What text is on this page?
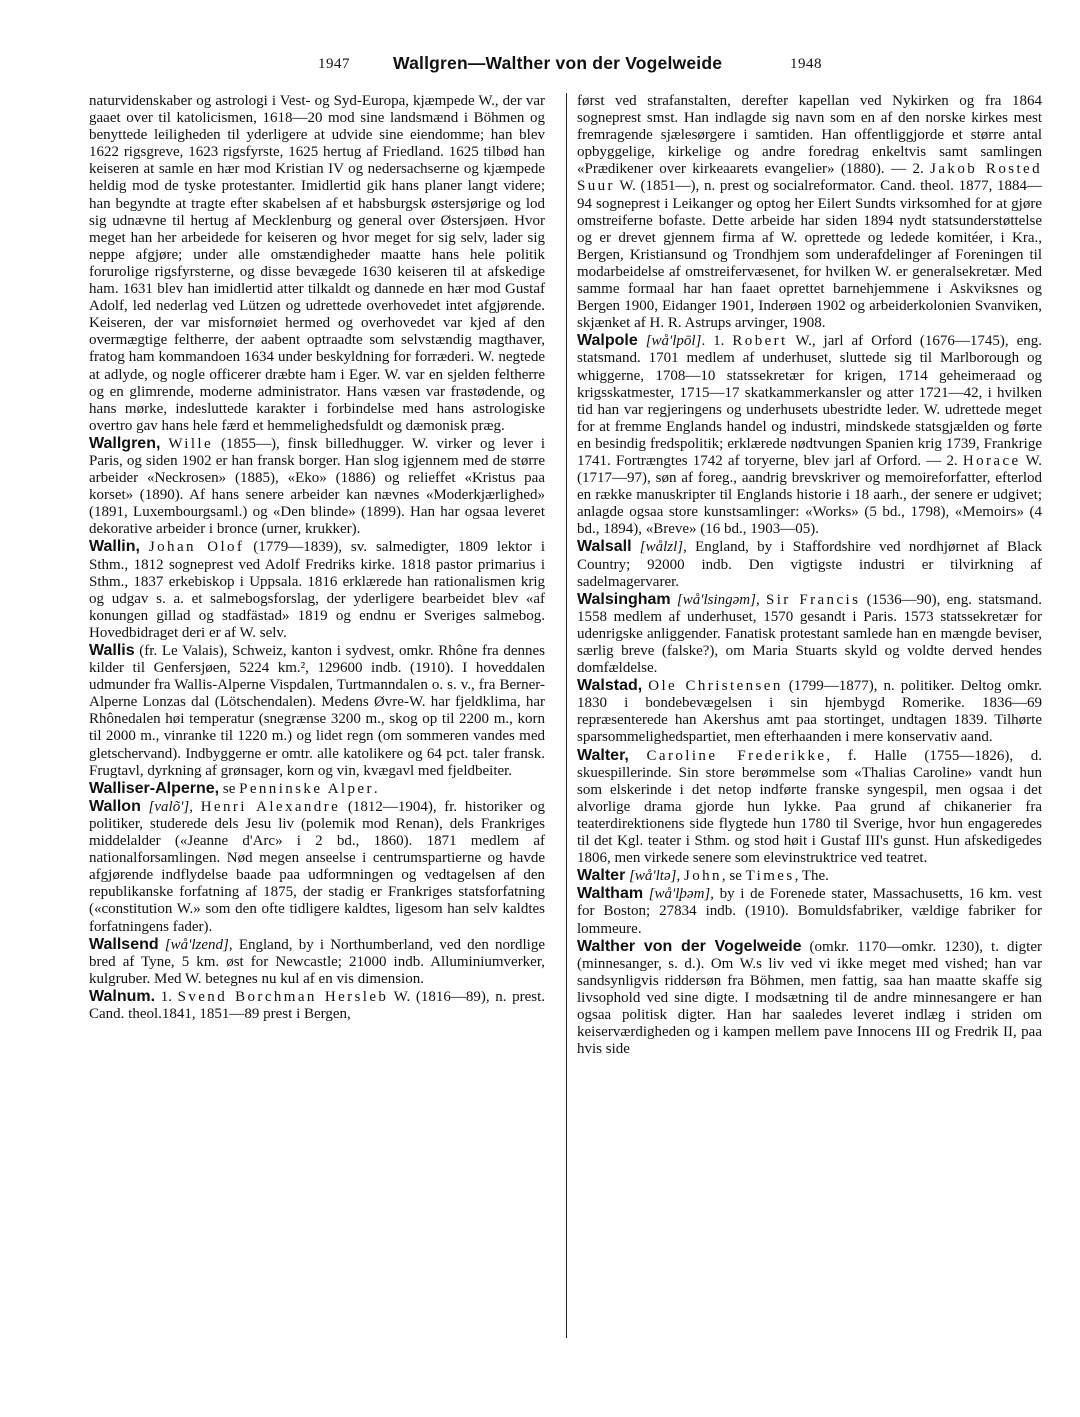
1947 Wallgren—Walther von der Vogelweide	1948

naturvidenskaber og astrologi i Vest- og Syd-Europa, kjæmpede W., der var gaaet over til katolicismen, 1618—20 mod sine landsmænd i Böhmen og benyttede leiligheden til yderligere at udvide sine eiendomme; han blev 1622 rigsgreve, 1623 rigsfyrste, 1625 hertug af Friedland. 1625 tilbød han keiseren at samle en hær mod Kristian IV og nedersachserne og kjæmpede heldig mod de tyske protestanter. Imidlertid gik hans planer langt videre; han begyndte at tragte efter skabelsen af et habsburgsk østersjørige og lod sig udnævne til hertug af Mecklenburg og general over Østersjøen. Hvor meget han her arbeidede for keiseren og hvor meget for sig selv, lader sig neppe afgjøre; under alle omstændigheder maatte hans hele politik forurolige rigsfyrsterne, og disse bevægede 1630 keiseren til at afskedige ham. 1631 blev han imidlertid atter tilkaldt og dannede en hær mod Gustaf Adolf, led nederlag ved Lützen og udrettede overhovedet intet afgjørende. Keiseren, der var misfornøiet hermed og overhovedet var kjed af den overmægtige feltherre, der aabent optraadte som selvstændig magthaver, fratog ham kommandoen 1634 under beskyldning for forræderi. W. negtede at adlyde, og nogle officerer dræbte ham i Eger. W. var en sjelden feltherre og en glimrende, moderne administrator. Hans væsen var frastødende, og hans mørke, indesluttede karakter i forbindelse med hans astrologiske overtro gav hans hele færd et hemmelighedsfuldt og dæmonisk præg.

Wallgren, Wille (1855—), finsk billedhugger. W. virker og lever i Paris, og siden 1902 er han fransk borger. Han slog igjennem med de større arbeider «Neckrosen» (1885), «Eko» (1886) og relieffet «Kristus paa korset» (1890). Af hans senere arbeider kan nævnes «Moderkjærlighed» (1891, Luxembourgsaml.) og «Den blinde» (1899). Han har ogsaa leveret dekorative arbeider i bronce (urner, krukker).

Wallin, Johan Olof (1779—1839), sv. salmedigter, 1809 lektor i Sthm., 1812 sogneprest ved Adolf Fredriks kirke. 1818 pastor primarius i Sthm., 1837 erkebiskop i Uppsala. 1816 erklærede han rationalismen krig og udgav s. a. et salmebogsforslag, der yderligere bearbeidet blev «af konungen gillad og stadfästad» 1819 og endnu er Sveriges salmebog. Hovedbidraget deri er af W. selv.

Wallis (fr. Le Valais), Schweiz, kanton i sydvest, omkr. Rhône fra dennes kilder til Genfersjøen, 5224 km.², 129600 indb. (1910). I hoveddalen udmunder fra Wallis-Alperne Vispdalen, Turtmanndalen o. s. v., fra Berner-Alperne Lonzas dal (Lötschendalen). Medens Øvre-W. har fjeldklima, har Rhônedalen høi temperatur (snegrænse 3200 m., skog op til 2200 m., korn til 2000 m., vinranke til 1220 m.) og lidet regn (om sommeren vandes med gletschervand). Indbyggerne er omtr. alle katolikere og 64 pct. taler fransk. Frugtavl, dyrkning af grønsager, korn og vin, kvægavl med fjeldbeiter.

Walliser-Alperne, se Penninske Alper.

Wallon [valõ'], Henri Alexandre (1812—1904), fr. historiker og politiker, studerede dels Jesu liv (polemik mod Renan), dels Frankriges middelalder («Jeanne d'Arc» i 2 bd., 1860). 1871 medlem af nationalforsamlingen. Nød megen anseelse i centrumspartierne og havde afgjørende indflydelse baade paa udformningen og vedtagelsen af den republikanske forfatning af 1875, der stadig er Frankriges statsforfatning («constitution W.» som den ofte tidligere kaldtes, ligesom han selv kaldtes forfatningens fader).

Wallsend [wå'lzend], England, by i Northumberland, ved den nordlige bred af Tyne, 5 km. øst for Newcastle; 21000 indb. Alluminiumverker, kulgruber. Med W. betegnes nu kul af en vis dimension.

Walnum. 1. Svend Borchman Hersleb W. (1816—89), n. prest. Cand. theol.1841, 1851—89 prest i Bergen,

først ved strafanstalten, derefter kapellan ved Nykirken og fra 1864 sogneprest smst. Han indlagde sig navn som en af den norske kirkes mest fremragende sjælesørgere i samtiden. Han offentliggjorde et større antal opbyggelige, kirkelige og andre foredrag enkeltvis samt samlingen «Prædikener over kirkeaarets evangelier» (1880). — 2. Jakob Rosted Suur W. (1851—), n. prest og socialreformator. Cand. theol. 1877, 1884—94 sogneprest i Leikanger og optog her Eilert Sundts virksomhed for at gjøre omstreiferne bofaste. Dette arbeide har siden 1894 nydt statsunderstøttelse og er drevet gjennem firma af W. oprettede og ledede komitéer, i Kra., Bergen, Kristiansund og Trondhjem som underafdelinger af Foreningen til modarbeidelse af omstreifervæsenet, for hvilken W. er generalsekretær. Med samme formaal har han faaet oprettet barnehjemmene i Askviksnes og Bergen 1900, Eidanger 1901, Inderøen 1902 og arbeiderkolonien Svanviken, skjænket af H. R. Astrups arvinger, 1908.

Walpole [wå'lpōl]. 1. Robert W., jarl af Orford (1676—1745), eng. statsmand. 1701 medlem af underhuset, sluttede sig til Marlborough og whiggerne, 1708—10 statssekretær for krigen, 1714 geheimeraad og krigsskatmester, 1715—17 skatkammerkansler og atter 1721—42, i hvilken tid han var regjeringens og underhusets ubestridte leder. W. udrettede meget for at fremme Englands handel og industri, mindskede statsgjælden og førte en besindig fredspolitik; erklærede nødtvungen Spanien krig 1739, Frankrige 1741. Fortrængtes 1742 af toryerne, blev jarl af Orford. — 2. Horace W. (1717—97), søn af foreg., aandrig brevskriver og memoireforfatter, efterlod en række manuskripter til Englands historie i 18 aarh., der senere er udgivet; anlagde ogsaa store kunstsamlinger: «Works» (5 bd., 1798), «Memoirs» (4 bd., 1894), «Breve» (16 bd., 1903—05).

Walsall [wålzl], England, by i Staffordshire ved nordhjørnet af Black Country; 92000 indb. Den vigtigste industri er tilvirkning af sadelmagervarer.

Walsingham [wå'lsingəm], Sir Francis (1536—90), eng. statsmand. 1558 medlem af underhuset, 1570 gesandt i Paris. 1573 statssekretær for udenrigske anliggender. Fanatisk protestant samlede han en mængde beviser, særlig breve (falske?), om Maria Stuarts skyld og voldte derved hendes domfældelse.

Walstad, Ole Christensen (1799—1877), n. politiker. Deltog omkr. 1830 i bondebevægelsen i sin hjembygd Romerike. 1836—69 repræsenterede han Akershus amt paa stortinget, undtagen 1839. Tilhørte sparsommelighedspartiet, men efterhaanden i mere konservativ aand.

Walter, Caroline Frederikke, f. Halle (1755—1826), d. skuespillerinde. Sin store berømmelse som «Thalias Caroline» vandt hun som elskerinde i det netop indførte franske syngespil, men ogsaa i det alvorlige drama gjorde hun lykke. Paa grund af chikanerier fra teaterdirektionens side flygtede hun 1780 til Sverige, hvor hun engageredes til det Kgl. teater i Sthm. og stod høit i Gustaf III's gunst. Hun afskedigedes 1806, men virkede senere som elevinstruktrice ved teatret.

Walter [wå'ltə], John, se Times, The.

Waltham [wå'lþəm], by i de Forenede stater, Massachusetts, 16 km. vest for Boston; 27834 indb. (1910). Bomuldsfabriker, vældige fabriker for lommeure.

Walther von der Vogelweide (omkr. 1170—omkr. 1230), t. digter (minnesanger, s. d.). Om W.s liv ved vi ikke meget med vished; han var sandsynligvis riddersøn fra Böhmen, men fattig, saa han maatte skaffe sig livsophold ved sine digte. I modsætning til de andre minnesangere er han ogsaa politisk digter. Han har saaledes leveret indlæg i striden om keiserværdigheden og i kampen mellem pave Innocens III og Fredrik II, paa hvis side
